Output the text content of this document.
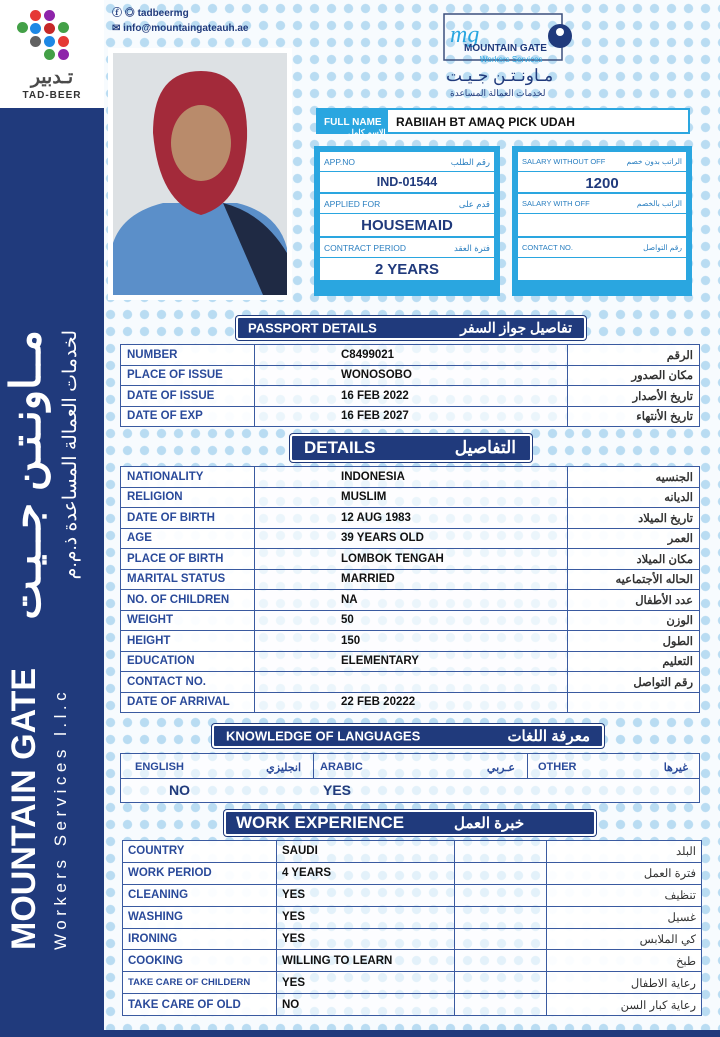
تـدبير
TAD-BEER
MOUNTAIN GATE Workers Services l.l.c
مــاونـتـن جــيـت لخدمات العمالة المساعدة ذ.م.م
ⓕ ◎ tadbeermg
✉ info@mountaingateauh.ae	mg
MOUNTAIN GATE
Workers Services
مـاونـتـن جـيـت
لخدمات العمالة المساعدة
FULL NAME
الاسم كامل
RABIIAH BT AMAQ PICK UDAH
APP.NO	رقم الطلب
IND-01544
APPLIED FOR	قدم على
HOUSEMAID
CONTRACT PERIOD	فترة العقد
2 YEARS
SALARY WITHOUT OFF	الراتب بدون خصم
1200
SALARY WITH OFF	الراتب بالخصم
CONTACT NO.	رقم التواصل
PASSPORT DETAILS	تفاصيل جواز السفر
NUMBER	C8499021	الرقم
PLACE OF ISSUE	WONOSOBO	مكان الصدور
DATE OF ISSUE	16 FEB 2022	تاريخ الأصدار
DATE OF EXP	16 FEB 2027	تاريخ الأنتهاء
DETAILS	التفاصيل
NATIONALITY	INDONESIA	الجنسيه
RELIGION	MUSLIM	الديانه
DATE OF BIRTH	12 AUG 1983	تاريخ الميلاد
AGE	39 YEARS OLD	العمر
PLACE OF BIRTH	LOMBOK TENGAH	مكان الميلاد
MARITAL STATUS	MARRIED	الحاله الأجتماعيه
NO. OF CHILDREN	NA	عدد الأطفال
WEIGHT	50	الوزن
HEIGHT	150	الطول
EDUCATION	ELEMENTARY	التعليم
CONTACT NO.		رقم التواصل
DATE OF ARRIVAL	22 FEB 20222	
KNOWLEDGE OF LANGUAGES	معرفة اللغات
ENGLISH	انجليزي ARABIC	عـربي OTHER	غيرها
NO	YES
WORK EXPERIENCE	خبرة العمل
COUNTRY	SAUDI		البلد
WORK PERIOD	4 YEARS		فترة العمل
CLEANING	YES		تنظيف
WASHING	YES		غسيل
IRONING	YES		كي الملابس
COOKING	WILLING TO LEARN		طبخ
TAKE CARE OF CHILDERN	YES		رعاية الاطفال
TAKE CARE OF OLD	NO		رعاية كبار السن
